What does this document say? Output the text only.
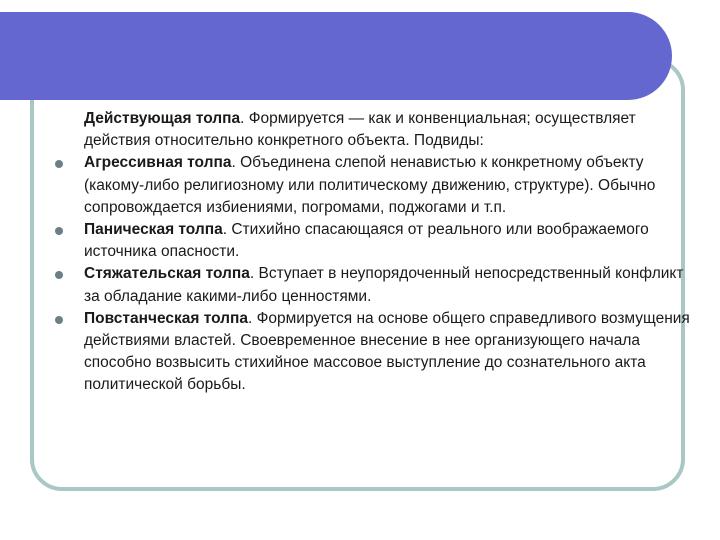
Действующая толпа. Формируется — как и конвенциальная; осуществляет действия относительно конкретного объекта. Подвиды:

Агрессивная толпа. Объединена слепой ненавистью к конкретному объекту (какому-либо религиозному или политическому движению, структуре). Обычно сопровождается избиениями, погромами, поджогами и т.п.

Паническая толпа. Стихийно спасающаяся от реального или воображаемого источника опасности.

Стяжательская толпа. Вступает в неупорядоченный непосредственный конфликт за обладание какими-либо ценностями.

Повстанческая толпа. Формируется на основе общего справедливого возмущения действиями властей. Своевременное внесение в нее организующего начала способно возвысить стихийное массовое выступление до сознательного акта политической борьбы.
